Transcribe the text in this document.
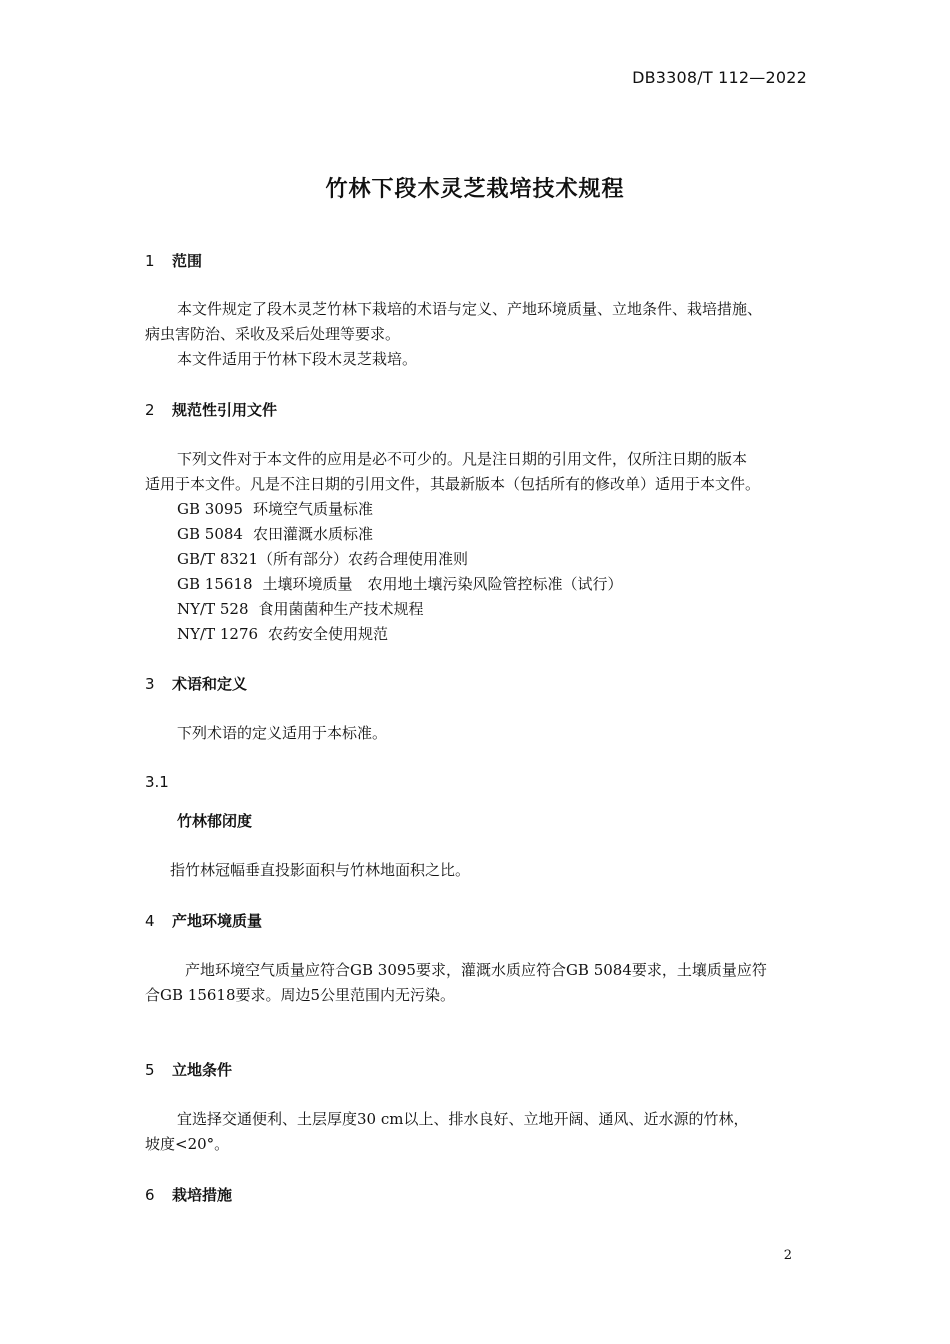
DB3308/T 112—2022
竹林下段木灵芝栽培技术规程
1 范围
本文件规定了段木灵芝竹林下栽培的术语与定义、产地环境质量、立地条件、栽培措施、
病虫害防治、采收及采后处理等要求。
本文件适用于竹林下段木灵芝栽培。
2 规范性引用文件
下列文件对于本文件的应用是必不可少的。凡是注日期的引用文件，仅所注日期的版本
适用于本文件。凡是不注日期的引用文件，其最新版本（包括所有的修改单）适用于本文件。
GB 3095 环境空气质量标准
GB 5084 农田灌溉水质标准
GB/T 8321（所有部分）农药合理使用准则
GB 15618 土壤环境质量　农用地土壤污染风险管控标准（试行）
NY/T 528 食用菌菌种生产技术规程
NY/T 1276 农药安全使用规范
3 术语和定义
下列术语的定义适用于本标准。
3.1
竹林郁闭度
指竹林冠幅垂直投影面积与竹林地面积之比。
4 产地环境质量
产地环境空气质量应符合GB 3095要求，灌溉水质应符合GB 5084要求，土壤质量应符
合GB 15618要求。周边5公里范围内无污染。
5 立地条件
宜选择交通便利、土层厚度30 cm以上、排水良好、立地开阔、通风、近水源的竹林，
坡度<20°。
6 栽培措施
2
